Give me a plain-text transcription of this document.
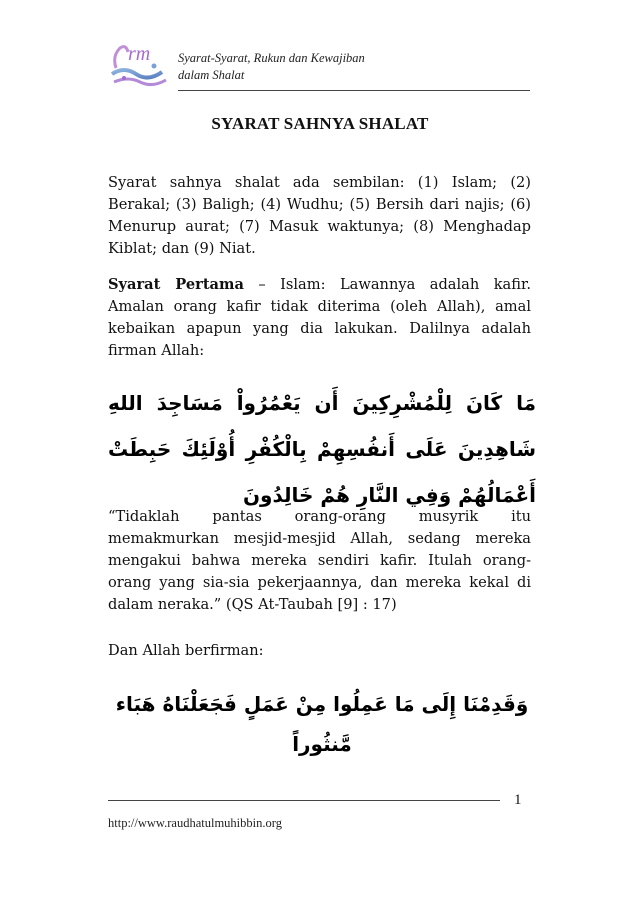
rm Syarat-Syarat, Rukun dan Kewajiban
dalam Shalat
SYARAT SAHNYA SHALAT
Syarat sahnya shalat ada sembilan: (1) Islam; (2) Berakal; (3) Baligh; (4) Wudhu; (5) Bersih dari najis; (6) Menurup aurat; (7) Masuk waktunya; (8) Menghadap Kiblat; dan (9) Niat.
Syarat Pertama – Islam: Lawannya adalah kafir. Amalan orang kafir tidak diterima (oleh Allah), amal kebaikan apapun yang dia lakukan. Dalilnya adalah firman Allah:
مَا كَانَ لِلْمُشْرِكِينَ أَن يَعْمُرُواْ مَسَاجِدَ اللهِ شَاهِدِينَ عَلَى أَنفُسِهِمْ بِالْكُفْرِ أُوْلَئِكَ حَبِطَتْ أَعْمَالُهُمْ وَفِي النَّارِ هُمْ خَالِدُونَ
“Tidaklah pantas orang-orang musyrik itu memakmurkan mesjid-mesjid Allah, sedang mereka mengakui bahwa mereka sendiri kafir. Itulah orang-orang yang sia-sia pekerjaannya, dan mereka kekal di dalam neraka.” (QS At-Taubah [9] : 17)
Dan Allah berfirman:
وَقَدِمْنَا إِلَى مَا عَمِلُوا مِنْ عَمَلٍ فَجَعَلْنَاهُ هَبَاء مَّنثُوراً
1
http://www.raudhatulmuhibbin.org
